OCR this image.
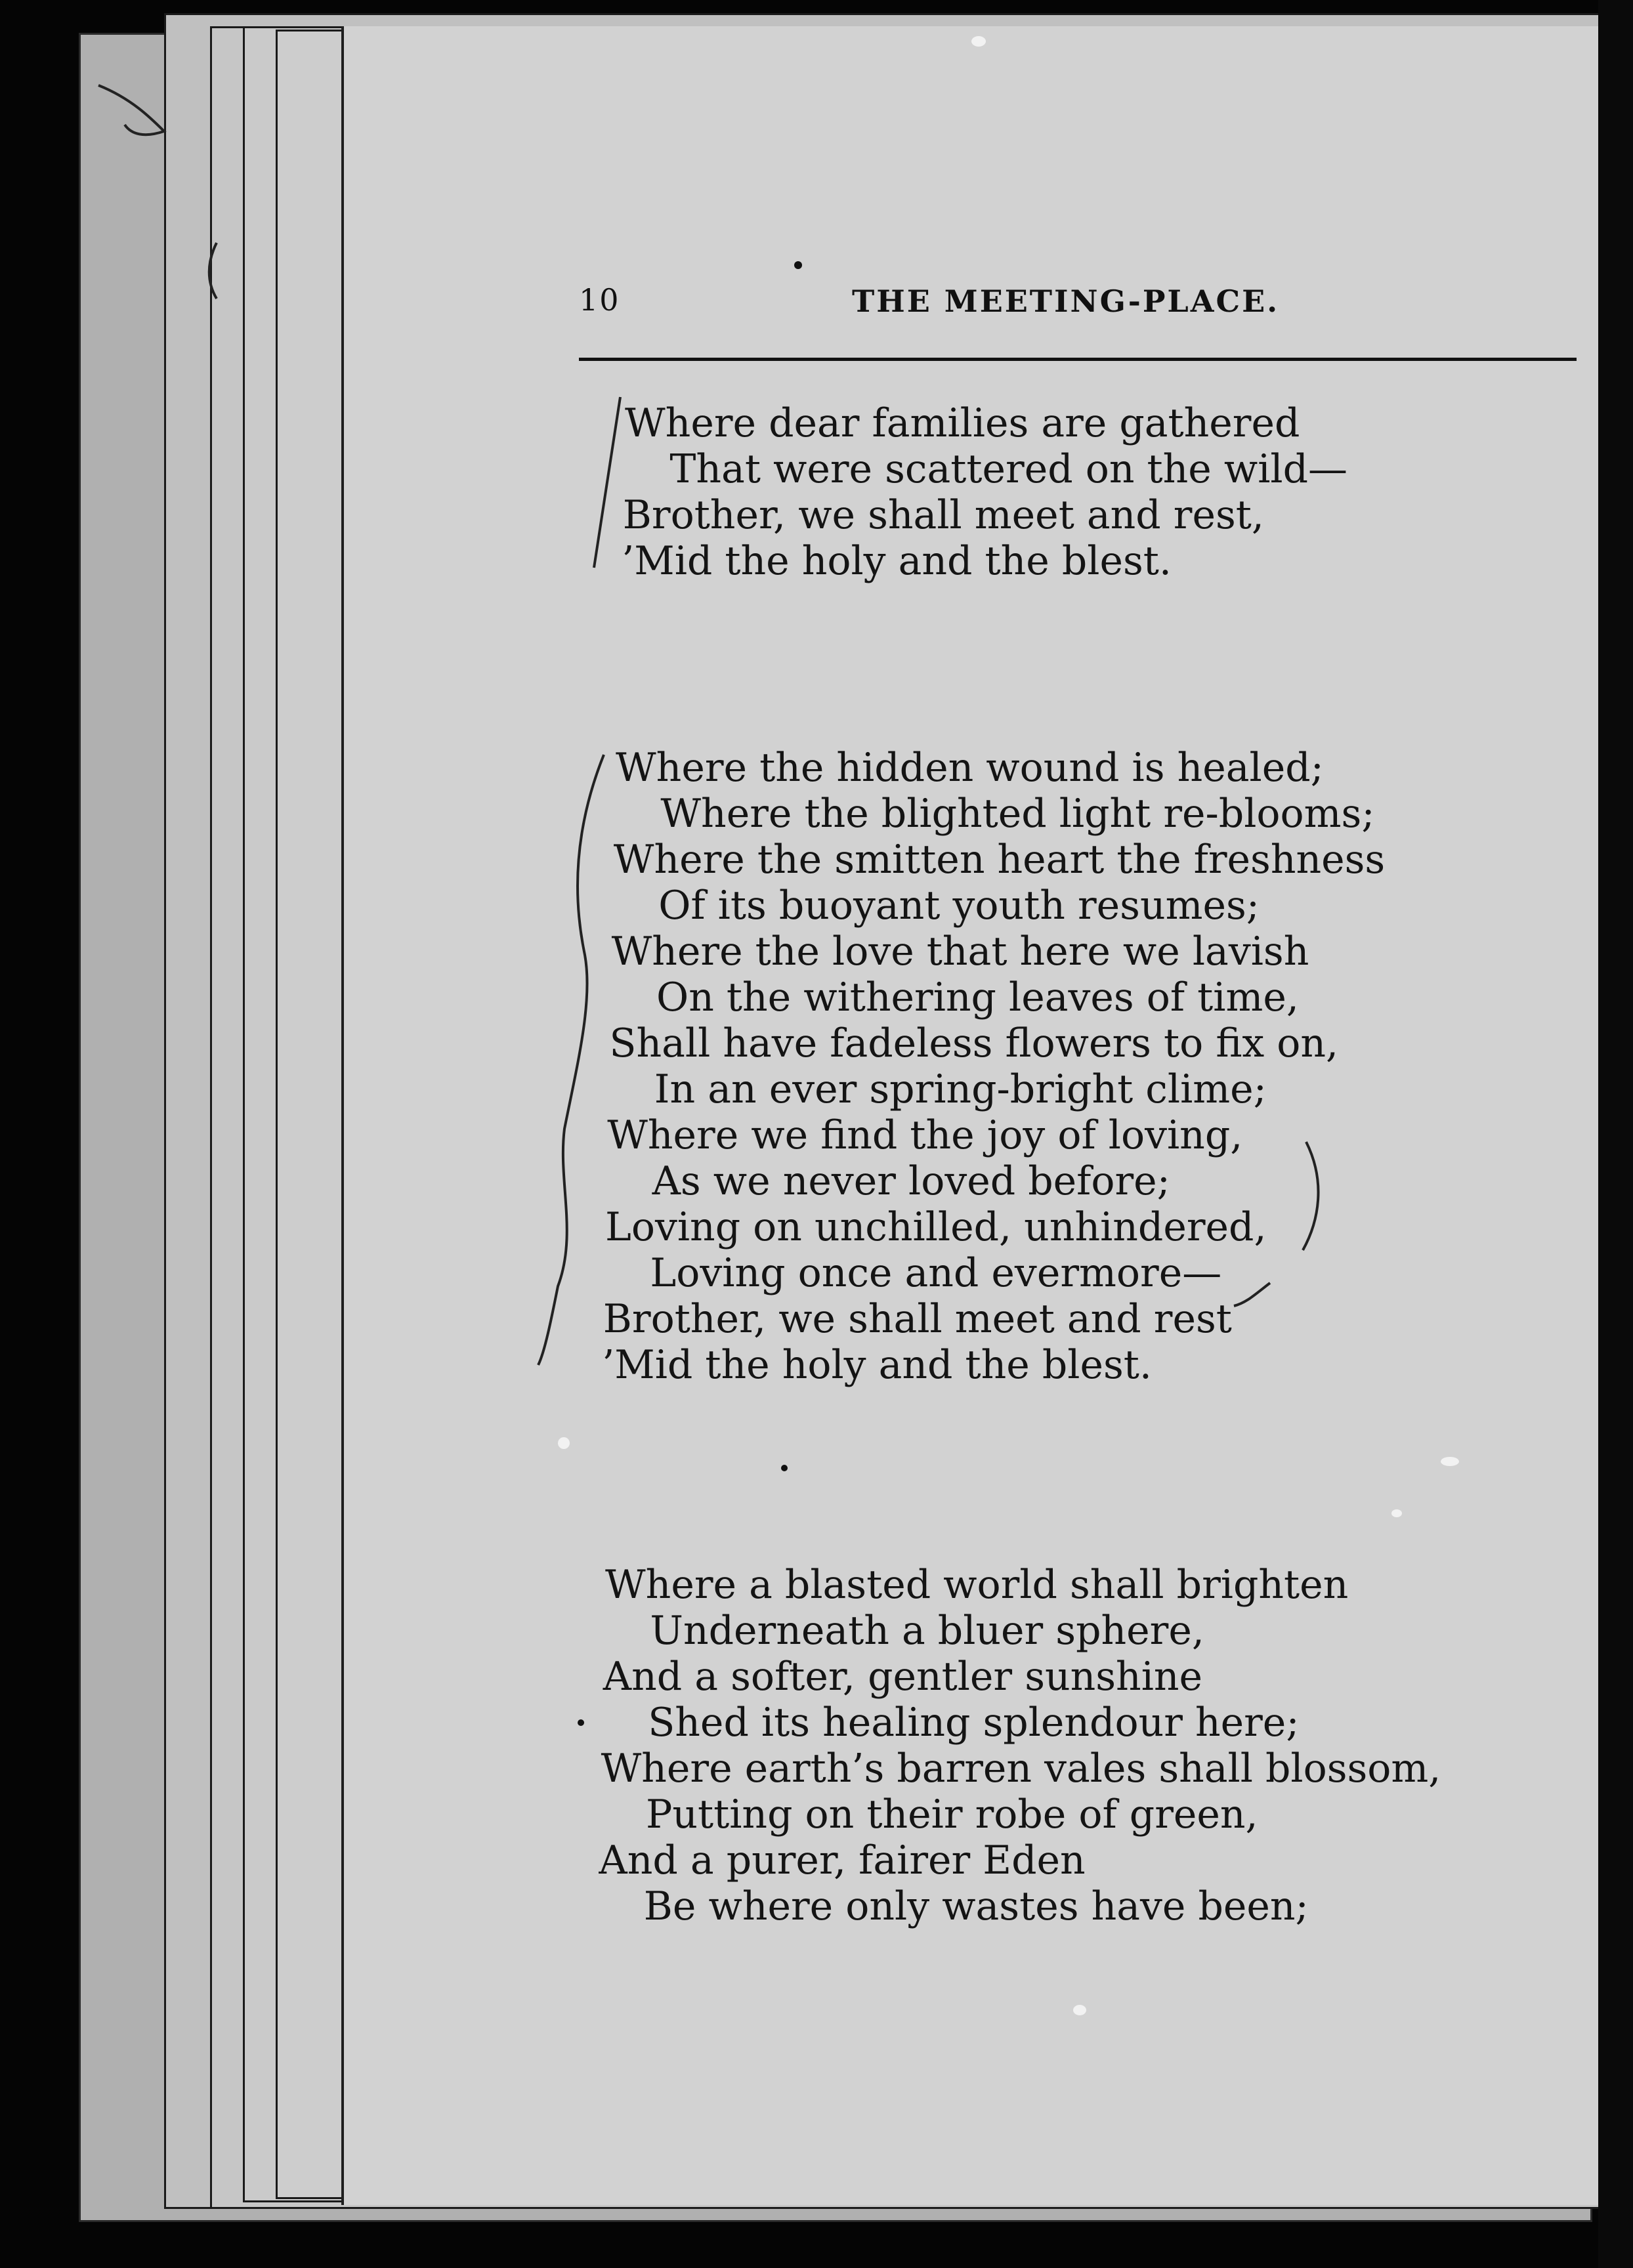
10	THE MEETING-PLACE.
Where dear families are gathered
That were scattered on the wild—
Brother, we shall meet and rest,
’Mid the holy and the blest.
Where the hidden wound is healed;
Where the blighted light re-blooms;
Where the smitten heart the freshness
Of its buoyant youth resumes;
Where the love that here we lavish
On the withering leaves of time,
Shall have fadeless flowers to fix on,
In an ever spring-bright clime;
Where we find the joy of loving,
As we never loved before;
Loving on unchilled, unhindered,
Loving once and evermore—
Brother, we shall meet and rest
’Mid the holy and the blest.
Where a blasted world shall brighten
Underneath a bluer sphere,
And a softer, gentler sunshine
Shed its healing splendour here;
Where earth’s barren vales shall blossom,
Putting on their robe of green,
And a purer, fairer Eden
Be where only wastes have been;
